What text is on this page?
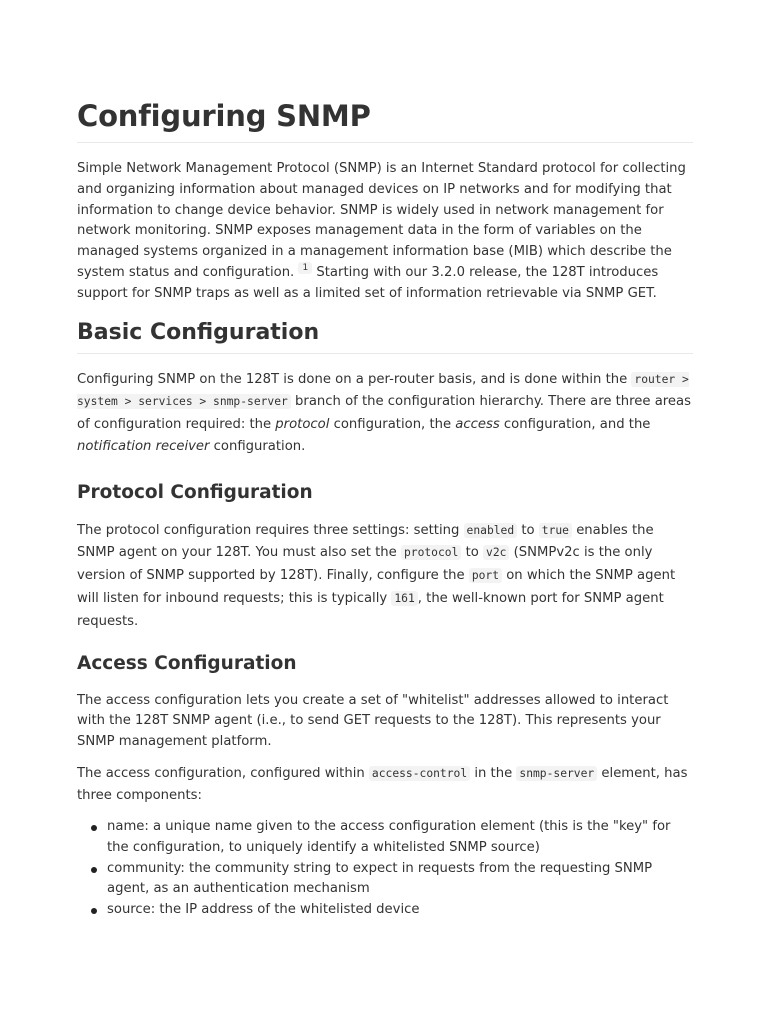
Configuring SNMP

Simple Network Management Protocol (SNMP) is an Internet Standard protocol for collecting and organizing information about managed devices on IP networks and for modifying that information to change device behavior. SNMP is widely used in network management for network monitoring. SNMP exposes management data in the form of variables on the managed systems organized in a management information base (MIB) which describe the system status and configuration. $^1$ Starting with our 3.2.0 release, the 128T introduces support for SNMP traps as well as a limited set of information retrievable via SNMP GET.

Basic Configuration

Configuring SNMP on the 128T is done on a per-router basis, and is done within the router > system > services > snmp-server branch of the configuration hierarchy. There are three areas of configuration required: the protocol configuration, the access configuration, and the notification receiver configuration.

Protocol Configuration

The protocol configuration requires three settings: setting enabled to true enables the SNMP agent on your 128T. You must also set the protocol to v2c (SNMPv2c is the only version of SNMP supported by 128T). Finally, configure the port on which the SNMP agent will listen for inbound requests; this is typically 161 , the well-known port for SNMP agent requests.

Access Configuration

The access configuration lets you create a set of "whitelist" addresses allowed to interact with the 128T SNMP agent (i.e., to send GET requests to the 128T). This represents your SNMP management platform.

The access configuration, configured within access-control in the snmp-server element, has three components:

name: a unique name given to the access configuration element (this is the "key" for the configuration, to uniquely identify a whitelisted SNMP source)
community: the community string to expect in requests from the requesting SNMP agent, as an authentication mechanism
source: the IP address of the whitelisted device
